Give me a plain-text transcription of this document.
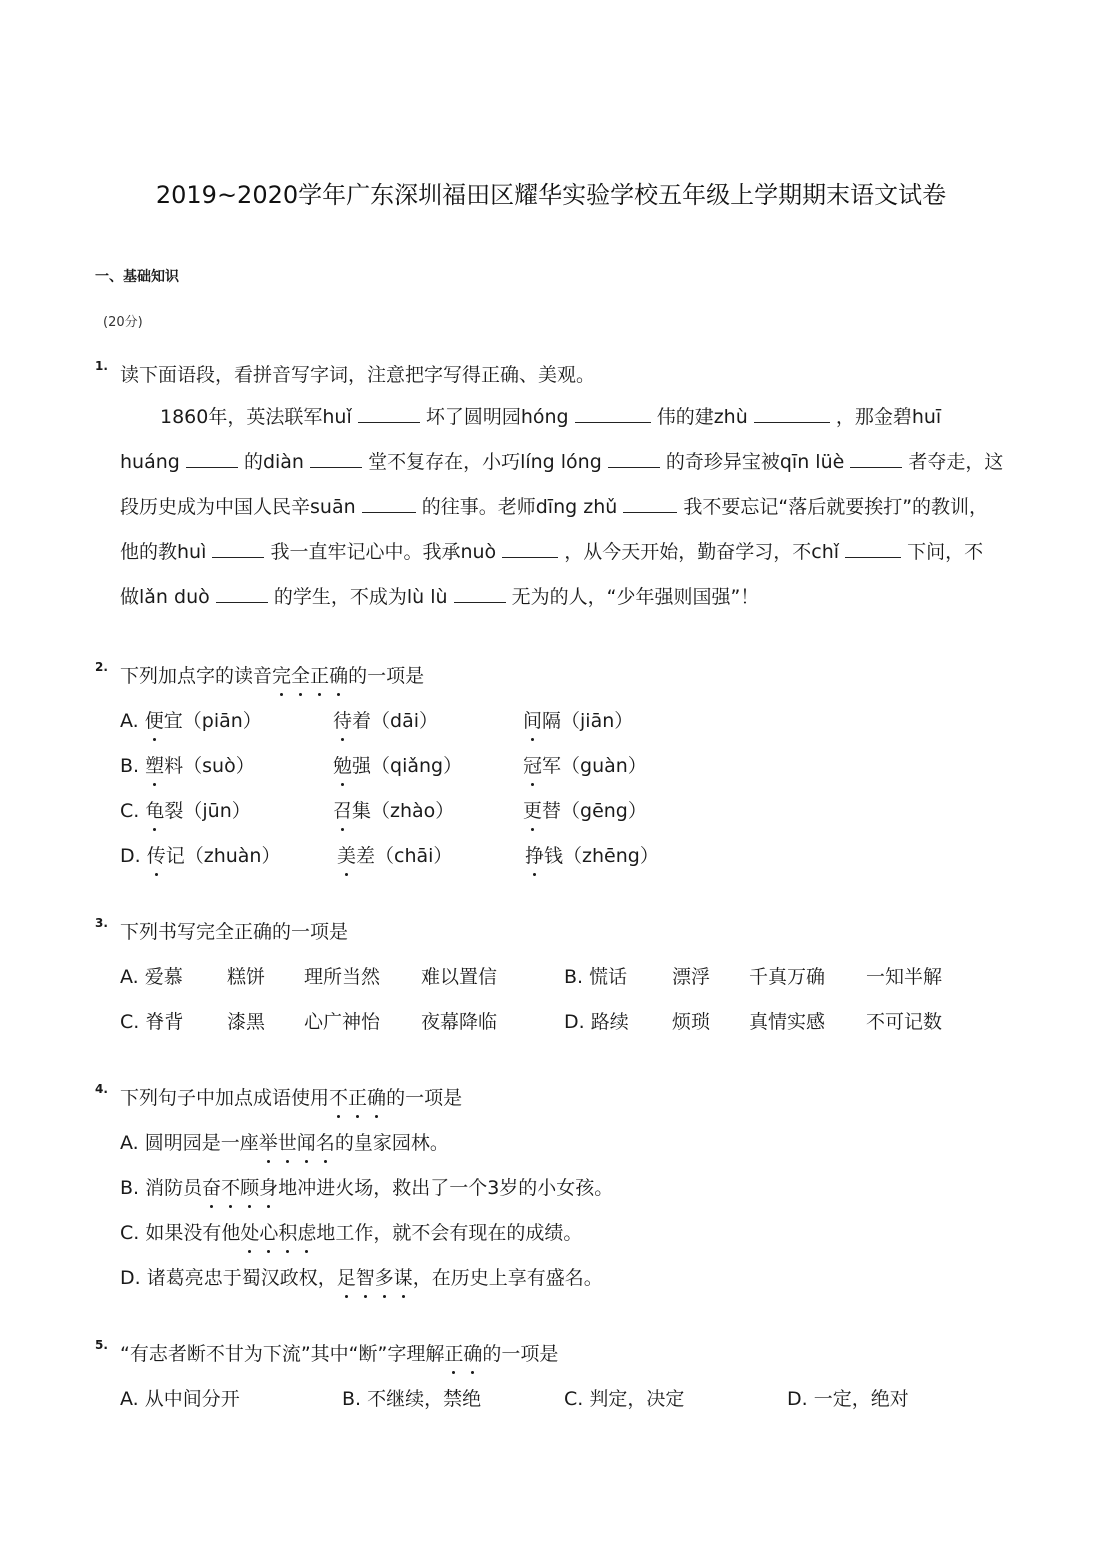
2019~2020学年广东深圳福田区耀华实验学校五年级上学期期末语文试卷
一、基础知识
(20分)
1. 读下面语段，看拼音写字词，注意把字写得正确、美观。
1860年，英法联军huǐ	坏了圆明园hóng	伟的建zhù	，那金碧huī
huáng	的diàn	堂不复存在，小巧líng lóng	的奇珍异宝被qīn lüè	者夺走，这
段历史成为中国人民辛suān	的往事。老师dīng zhǔ	我不要忘记“落后就要挨打”的教训，
他的教huì	我一直牢记心中。我承nuò	，从今天开始，勤奋学习，不chǐ	下问，不
做lǎn duò	的学生，不成为lù lù	无为的人，“少年强则国强”！
2. 下列加点字的读音完全正确的一项是
A. 便宜（piān）	待着（dāi）	间隔（jiān）
B. 塑料（suò）	勉强（qiǎng）	冠军（guàn）
C. 龟裂（jūn）	召集（zhào）	更替（gēng）
D. 传记（zhuàn）	美差（chāi）	挣钱（zhēng）
3. 下列书写完全正确的一项是
A. 爱慕 糕饼 理所当然 难以置信	B. 慌话 漂浮 千真万确 一知半解
C. 脊背 漆黑 心广神怡 夜幕降临	D. 路续 烦琐 真情实感 不可记数
4. 下列句子中加点成语使用不正确的一项是
A. 圆明园是一座举世闻名的皇家园林。
B. 消防员奋不顾身地冲进火场，救出了一个3岁的小女孩。
C. 如果没有他处心积虑地工作，就不会有现在的成绩。
D. 诸葛亮忠于蜀汉政权，足智多谋，在历史上享有盛名。
5. “有志者断不甘为下流”其中“断”字理解正确的一项是
A. 从中间分开	B. 不继续，禁绝	C. 判定，决定	D. 一定，绝对
